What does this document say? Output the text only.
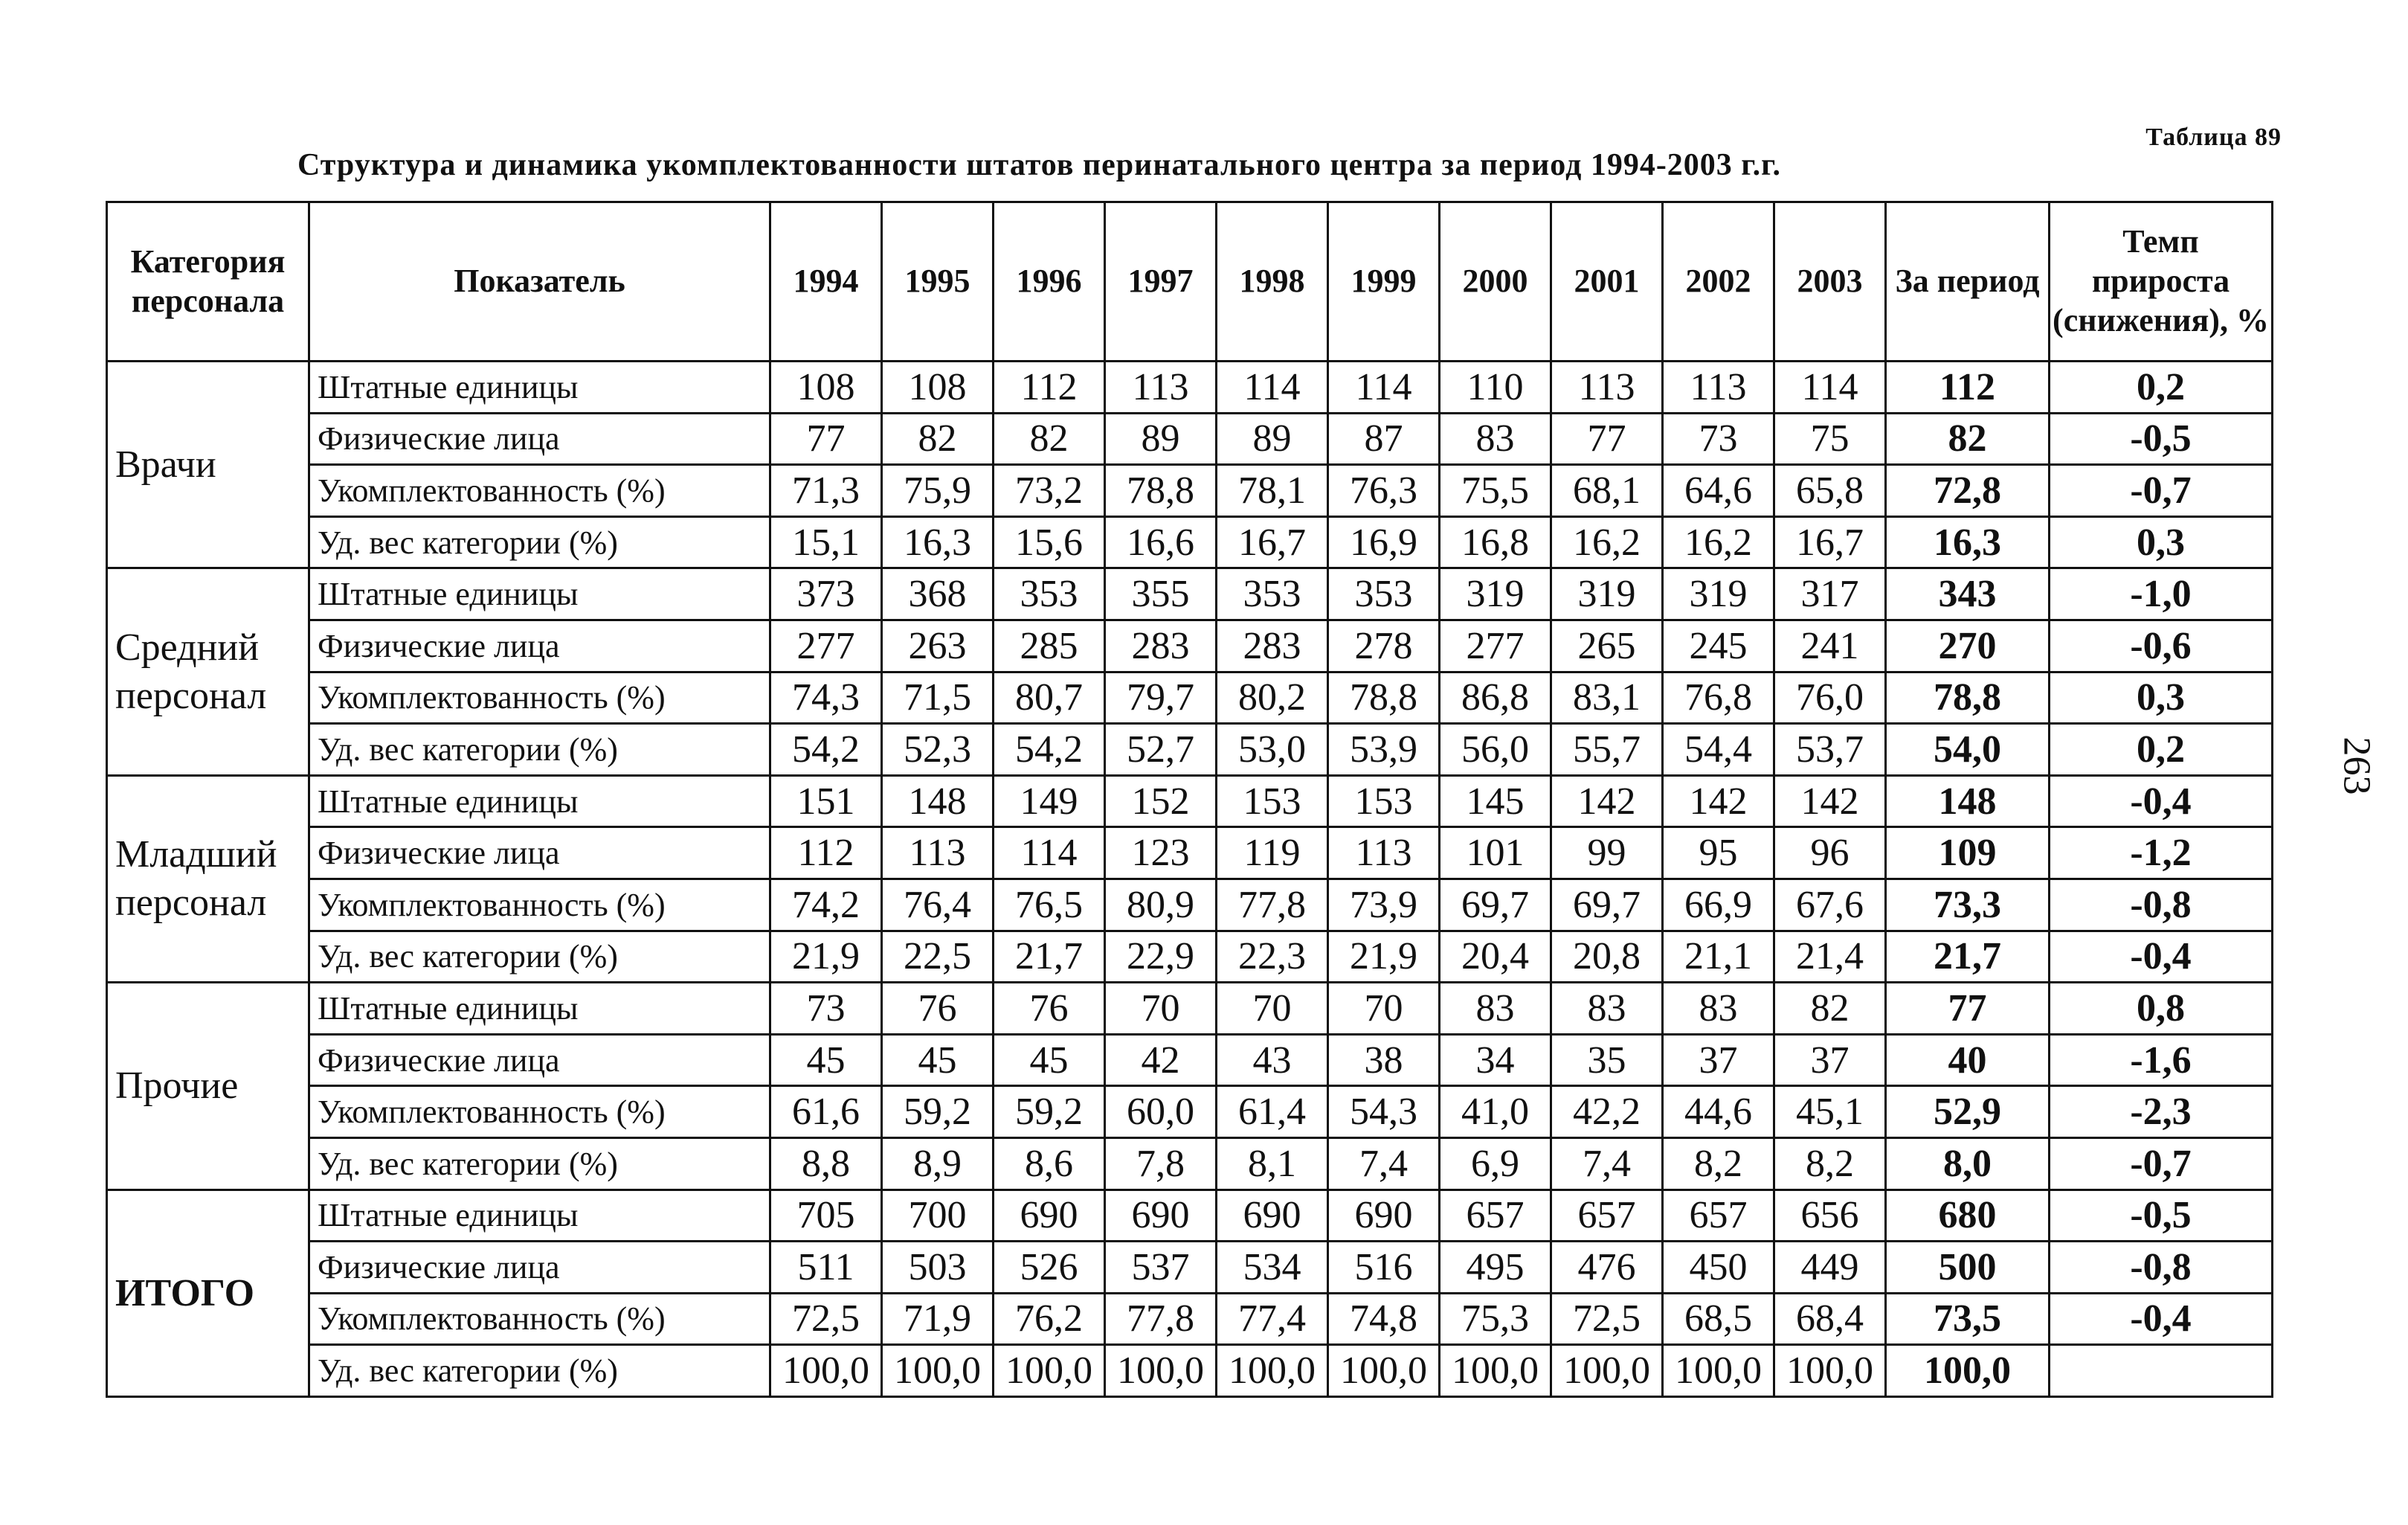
Таблица 89
Структура и динамика укомплектованности штатов перинатального центра за период 1994-2003 г.г.
263
Категория персонала	Показатель	1994	1995	1996	1997	1998	1999	2000	2001	2002	2003	За период	Темп прироста (снижения), %
Врачи	Штатные единицы	108	108	112	113	114	114	110	113	113	114	112	0,2
	Физические лица	77	82	82	89	89	87	83	77	73	75	82	-0,5
	Укомплектованность (%)	71,3	75,9	73,2	78,8	78,1	76,3	75,5	68,1	64,6	65,8	72,8	-0,7
	Уд. вес категории (%)	15,1	16,3	15,6	16,6	16,7	16,9	16,8	16,2	16,2	16,7	16,3	0,3
Средний персонал	Штатные единицы	373	368	353	355	353	353	319	319	319	317	343	-1,0
	Физические лица	277	263	285	283	283	278	277	265	245	241	270	-0,6
	Укомплектованность (%)	74,3	71,5	80,7	79,7	80,2	78,8	86,8	83,1	76,8	76,0	78,8	0,3
	Уд. вес категории (%)	54,2	52,3	54,2	52,7	53,0	53,9	56,0	55,7	54,4	53,7	54,0	0,2
Младший персонал	Штатные единицы	151	148	149	152	153	153	145	142	142	142	148	-0,4
	Физические лица	112	113	114	123	119	113	101	99	95	96	109	-1,2
	Укомплектованность (%)	74,2	76,4	76,5	80,9	77,8	73,9	69,7	69,7	66,9	67,6	73,3	-0,8
	Уд. вес категории (%)	21,9	22,5	21,7	22,9	22,3	21,9	20,4	20,8	21,1	21,4	21,7	-0,4
Прочие	Штатные единицы	73	76	76	70	70	70	83	83	83	82	77	0,8
	Физические лица	45	45	45	42	43	38	34	35	37	37	40	-1,6
	Укомплектованность (%)	61,6	59,2	59,2	60,0	61,4	54,3	41,0	42,2	44,6	45,1	52,9	-2,3
	Уд. вес категории (%)	8,8	8,9	8,6	7,8	8,1	7,4	6,9	7,4	8,2	8,2	8,0	-0,7
ИТОГО	Штатные единицы	705	700	690	690	690	690	657	657	657	656	680	-0,5
	Физические лица	511	503	526	537	534	516	495	476	450	449	500	-0,8
	Укомплектованность (%)	72,5	71,9	76,2	77,8	77,4	74,8	75,3	72,5	68,5	68,4	73,5	-0,4
	Уд. вес категории (%)	100,0	100,0	100,0	100,0	100,0	100,0	100,0	100,0	100,0	100,0	100,0	
